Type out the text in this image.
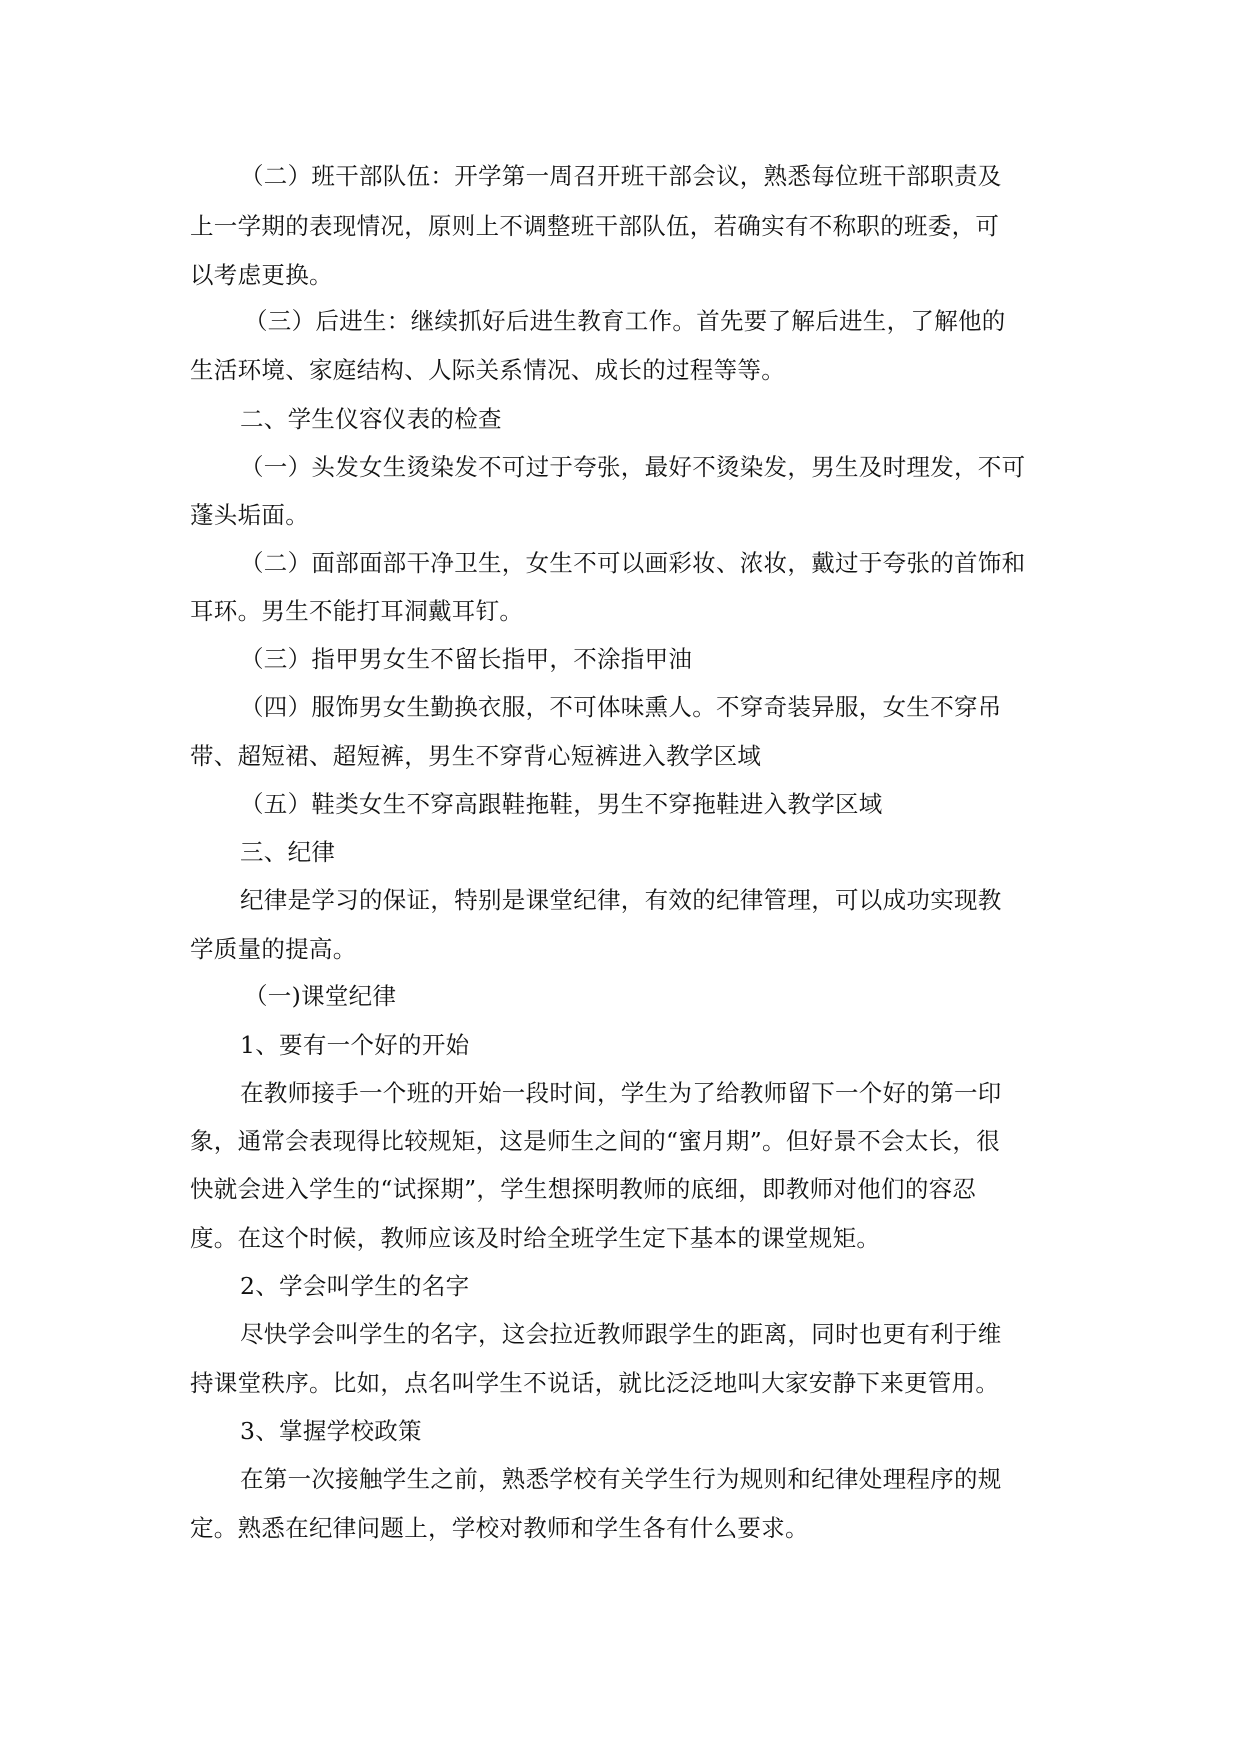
（二）班干部队伍：开学第一周召开班干部会议，熟悉每位班干部职责及

上一学期的表现情况，原则上不调整班干部队伍，若确实有不称职的班委，可

以考虑更换。

（三）后进生：继续抓好后进生教育工作。首先要了解后进生，了解他的

生活环境、家庭结构、人际关系情况、成长的过程等等。

二、学生仪容仪表的检查

（一）头发女生烫染发不可过于夸张，最好不烫染发，男生及时理发，不可

蓬头垢面。

（二）面部面部干净卫生，女生不可以画彩妆、浓妆，戴过于夸张的首饰和

耳环。男生不能打耳洞戴耳钉。

（三）指甲男女生不留长指甲，不涂指甲油

（四）服饰男女生勤换衣服，不可体味熏人。不穿奇装异服，女生不穿吊

带、超短裙、超短裤，男生不穿背心短裤进入教学区域

（五）鞋类女生不穿高跟鞋拖鞋，男生不穿拖鞋进入教学区域

三、纪律

纪律是学习的保证，特别是课堂纪律，有效的纪律管理，可以成功实现教

学质量的提高。

（一)课堂纪律

1、要有一个好的开始

在教师接手一个班的开始一段时间，学生为了给教师留下一个好的第一印

象，通常会表现得比较规矩，这是师生之间的“蜜月期”。但好景不会太长，很

快就会进入学生的“试探期”，学生想探明教师的底细，即教师对他们的容忍

度。在这个时候，教师应该及时给全班学生定下基本的课堂规矩。

2、学会叫学生的名字

尽快学会叫学生的名字，这会拉近教师跟学生的距离，同时也更有利于维

持课堂秩序。比如，点名叫学生不说话，就比泛泛地叫大家安静下来更管用。

3、掌握学校政策

在第一次接触学生之前，熟悉学校有关学生行为规则和纪律处理程序的规

定。熟悉在纪律问题上，学校对教师和学生各有什么要求。
